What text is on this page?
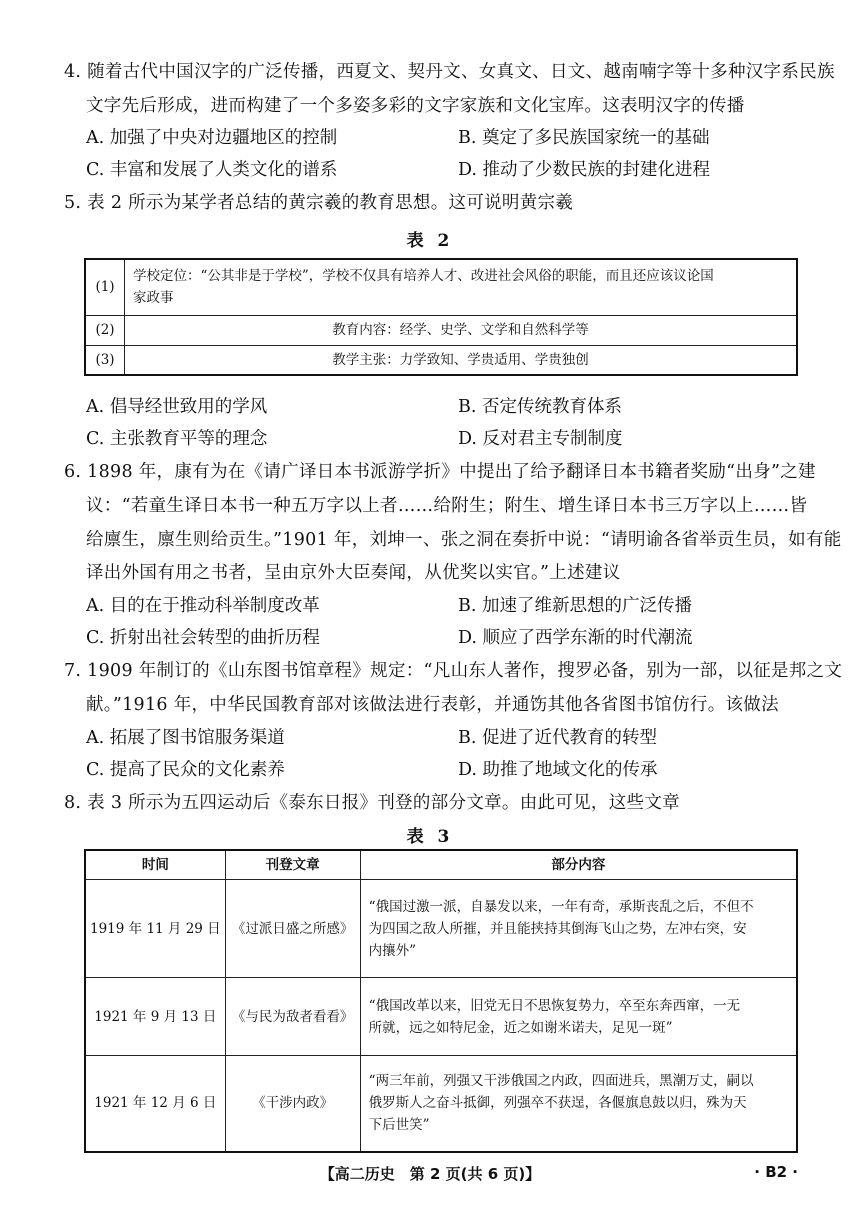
4. 随着古代中国汉字的广泛传播，西夏文、契丹文、女真文、日文、越南喃字等十多种汉字系民族
文字先后形成，进而构建了一个多姿多彩的文字家族和文化宝库。这表明汉字的传播
A. 加强了中央对边疆地区的控制	B. 奠定了多民族国家统一的基础
C. 丰富和发展了人类文化的谱系	D. 推动了少数民族的封建化进程
5. 表 2 所示为某学者总结的黄宗羲的教育思想。这可说明黄宗羲
表 2
(1)	学校定位：“公其非是于学校”，学校不仅具有培养人才、改进社会风俗的职能，而且还应该议论国
家政事

(2)	教育内容：经学、史学、文学和自然科学等
(3)	教学主张：力学致知、学贵适用、学贵独创
A. 倡导经世致用的学风	B. 否定传统教育体系
C. 主张教育平等的理念	D. 反对君主专制制度
6. 1898 年，康有为在《请广译日本书派游学折》中提出了给予翻译日本书籍者奖励“出身”之建
议：“若童生译日本书一种五万字以上者……给附生；附生、增生译日本书三万字以上……皆
给廪生，廪生则给贡生。”1901 年，刘坤一、张之洞在奏折中说：“请明谕各省举贡生员，如有能
译出外国有用之书者，呈由京外大臣奏闻，从优奖以实官。”上述建议
A. 目的在于推动科举制度改革	B. 加速了维新思想的广泛传播
C. 折射出社会转型的曲折历程	D. 顺应了西学东渐的时代潮流
7. 1909 年制订的《山东图书馆章程》规定：“凡山东人著作，搜罗必备，别为一部，以征是邦之文
献。”1916 年，中华民国教育部对该做法进行表彰，并通饬其他各省图书馆仿行。该做法
A. 拓展了图书馆服务渠道	B. 促进了近代教育的转型
C. 提高了民众的文化素养	D. 助推了地域文化的传承
8. 表 3 所示为五四运动后《泰东日报》刊登的部分文章。由此可见，这些文章
表 3
时间	刊登文章	部分内容
1919 年 11 月 29 日	《过派日盛之所感》	“俄国过激一派，自暴发以来，一年有奇，承斯丧乱之后，不但不
为四国之敌人所摧，并且能挟持其倒海飞山之势，左冲右突，安
内攘外”

1921 年 9 月 13 日	《与民为敌者看看》	“俄国改革以来，旧党无日不思恢复势力，卒至东奔西窜，一无
所就，远之如特尼金，近之如谢米诺夫，足见一斑”

1921 年 12 月 6 日	《干涉内政》	“两三年前，列强又干涉俄国之内政，四面进兵，黑潮万丈，嗣以
俄罗斯人之奋斗抵御，列强卒不获逞，各偃旗息鼓以归，殊为天
下后世笑”
【高二历史　第 2 页(共 6 页)】	· B2 ·
